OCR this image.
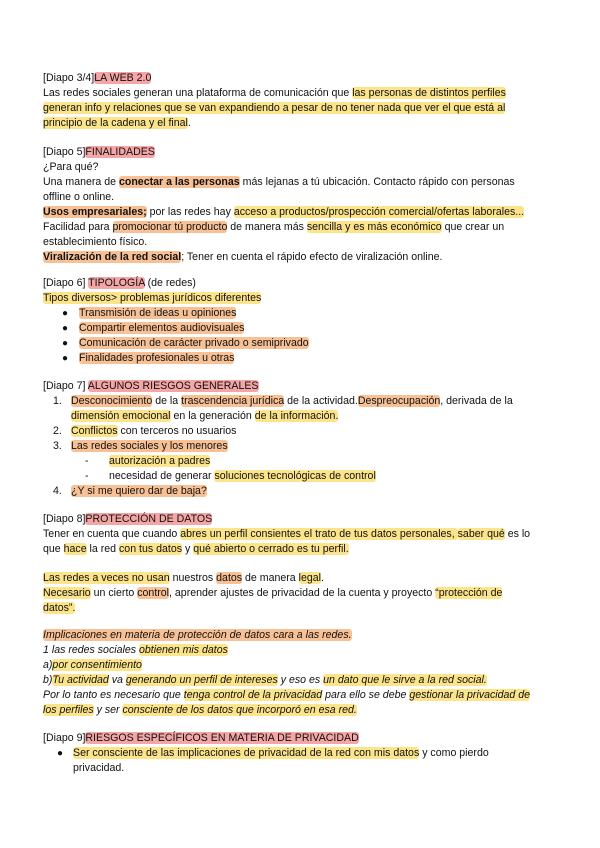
[Diapo 3/4]LA WEB 2.0

Las redes sociales generan una plataforma de comunicación que las personas de distintos perfiles

generan info y relaciones que se van expandiendo a pesar de no tener nada que ver el que está al

principio de la cadena y el final.

[Diapo 5]FINALIDADES

¿Para qué?

Una manera de conectar a las personas más lejanas a tú ubicación. Contacto rápido con personas

offline o online.

Usos empresariales; por las redes hay acceso a productos/prospección comercial/ofertas laborales...

Facilidad para promocionar tú producto de manera más sencilla y es más económico que crear un

establecimiento físico.

Viralización de la red social; Tener en cuenta el rápido efecto de viralización online.

[Diapo 6] TIPOLOGÍA (de redes)

Tipos diversos> problemas jurídicos diferentes

● Transmisión de ideas u opiniones
● Compartir elementos audiovisuales
● Comunicación de carácter privado o semiprivado
● Finalidades profesionales u otras

[Diapo 7] ALGUNOS RIESGOS GENERALES

1. Desconocimiento de la trascendencia jurídica de la actividad.Despreocupación, derivada de la
dimensión emocional en la generación de la información.
2. Conflictos con terceros no usuarios
3. Las redes sociales y los menores
- autorización a padres
- necesidad de generar soluciones tecnológicas de control
4. ¿Y si me quiero dar de baja?

[Diapo 8]PROTECCIÓN DE DATOS

Tener en cuenta que cuando abres un perfil consientes el trato de tus datos personales, saber qué es lo

que hace la red con tus datos y qué abierto o cerrado es tu perfil.

Las redes a veces no usan nuestros datos de manera legal.

Necesario un cierto control, aprender ajustes de privacidad de la cuenta y proyecto “protección de

datos”.

Implicaciones en materia de protección de datos cara a las redes.

1 las redes sociales obtienen mis datos

a)por consentimiento

b)Tu actividad va generando un perfil de intereses y eso es un dato que le sirve a la red social.

Por lo tanto es necesario que tenga control de la privacidad para ello se debe gestionar la privacidad de

los perfiles y ser consciente de los datos que incorporó en esa red.

[Diapo 9]RIESGOS ESPECÍFICOS EN MATERIA DE PRIVACIDAD

● Ser consciente de las implicaciones de privacidad de la red con mis datos y como pierdo
privacidad.
